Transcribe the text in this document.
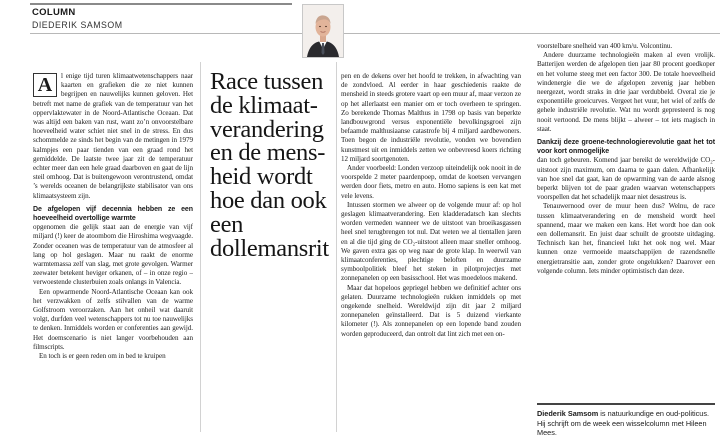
COLUMN
DIEDERIK SAMSOM
A	l enige tijd turen klimaatwetenschappers naar kaarten en grafieken die ze niet kunnen begrijpen en nauwelijks kunnen geloven. Het betreft met name de grafiek van de temperatuur van het oppervlaktewater in de Noord-Atlantische Oceaan. Dat was altijd een baken van rust, want zo’n onvoorstelbare hoeveelheid water schiet niet snel in de stress. En dus schommelde ze sinds het begin van de metingen in 1979 kalmpjes een paar tienden van een graad rond het gemiddelde. De laatste twee jaar zit de temperatuur echter meer dan een hele graad daarboven en gaat de lijn steil omhoog. Dat is buitengewoon verontrustend, omdat ’s werelds oceanen de belangrijkste stabilisator van ons klimaatsysteem zijn.

De afgelopen vijf decennia hebben ze een hoeveelheid overtollige warmte

opgenomen die gelijk staat aan de energie van vijf miljard (!) keer de atoombom die Hiroshima wegvaagde. Zonder oceanen was de temperatuur van de atmosfeer al lang op hol geslagen. Maar nu raakt de enorme warmtemassa zelf van slag, met grote gevolgen. Warmer zeewater betekent heviger orkanen, of – in onze regio – verwoestende clusterbuien zoals onlangs in Valencia.

Een opwarmende Noord-Atlantische Oceaan kan ook het verzwakken of zelfs stilvallen van de warme Golfstroom veroorzaken. Aan het onheil wat daaruit volgt, durfden veel wetenschappers tot nu toe nauwelijks te denken. Inmiddels worden er conferenties aan gewijd. Het doemscenario is niet langer voorbehouden aan filmscripts.

En toch is er geen reden om in bed te kruipen

Race tussen de klimaatverandering en de mensheid wordt hoe dan ook een dollemansrit

pen en de dekens over het hoofd te trekken, in afwachting van de zondvloed. Al eerder in haar geschiedenis raakte de mensheid in steeds grotere vaart op een muur af, maar verzon ze op het allerlaatst een manier om er toch overheen te springen. Zo berekende Thomas Malthus in 1798 op basis van beperkte landbouwgrond versus exponentiële bevolkingsgroei zijn befaamde malthusiaanse catastrofe bij 4 miljard aardbewoners. Toen begon de industriële revolutie, vonden we bovendien kunstmest uit en inmiddels zetten we onbevreesd koers richting 12 miljard soortgenoten.

Ander voorbeeld: Londen verzoop uiteindelijk ook nooit in de voorspelde 2 meter paardenpoep, omdat de koetsen vervangen werden door fiets, metro en auto. Homo sapiens is een kat met vele levens.

Intussen stormen we alweer op de volgende muur af: op hol geslagen klimaatverandering. Een kladderadatsch kan slechts worden vermeden wanneer we de uitstoot van broeikasgassen heel snel terugbrengen tot nul. Dat weten we al tientallen jaren en al die tijd ging de CO₂-uitstoot alleen maar sneller omhoog. We gaven extra gas op weg naar de grote klap. In weerwil van klimaatconferenties, plechtige beloften en duurzame symboolpolitiek bleef het steken in pilotprojectjes met zonnepanelen op een basisschool. Het was moedeloos makend.

Maar dat hopeloos gepriegel hebben we definitief achter ons gelaten. Duurzame technologieën rukken inmiddels op met ongekende snelheid. Wereldwijd zijn dit jaar 2 miljard zonnepanelen geïnstalleerd. Dat is 5 duizend vierkante kilometer (!). Als zonnepanelen op een lopende band zouden worden geproduceerd, dan ontrolt dat lint zich met een on-

voorstelbare snelheid van 400 km/u. Volcontinu.

Andere duurzame technologieën maken al even vrolijk. Batterijen werden de afgelopen tien jaar 80 procent goedkoper en het volume steeg met een factor 300. De totale hoeveelheid windenergie die we de afgelopen zevenig jaar hebben neergezet, wordt straks in drie jaar verdubbeld. Overal zie je exponentiële groeicurves. Vergeet het vuur, het wiel of zelfs de gehele industriële revolutie. Wat nu wordt gepresteerd is nog nooit vertoond. De mens blijkt – alweer – tot iets magisch in staat.

Dankzij deze groene-technologierevolutie gaat het tot voor kort onmogelijke

dan toch gebeuren. Komend jaar bereikt de wereldwijde CO₂-uitstoot zijn maximum, om daarna te gaan dalen. Afhankelijk van hoe snel dat gaat, kan de opwarming van de aarde alsnog beperkt blijven tot de paar graden waarvan wetenschappers voorspellen dat het schadelijk maar niet desastreus is.

Tenauwernood over de muur heen dus? Welnu, de race tussen klimaatverandering en de mensheid wordt heel spannend, maar we maken een kans. Het wordt hoe dan ook een dollemansrit. En juist daar schuilt de grootste uitdaging. Technisch kan het, financieel lukt het ook nog wel. Maar kunnen onze vermoeide maatschappijen de razendsnelle energietransitie aan, zonder grote ongelukken? Daarover een volgende column. Iets minder optimistisch dan deze.

Diederik Samsom is natuurkundige en oud-politicus. Hij schrijft om de week een wisselcolumn met Hileen Mees.
